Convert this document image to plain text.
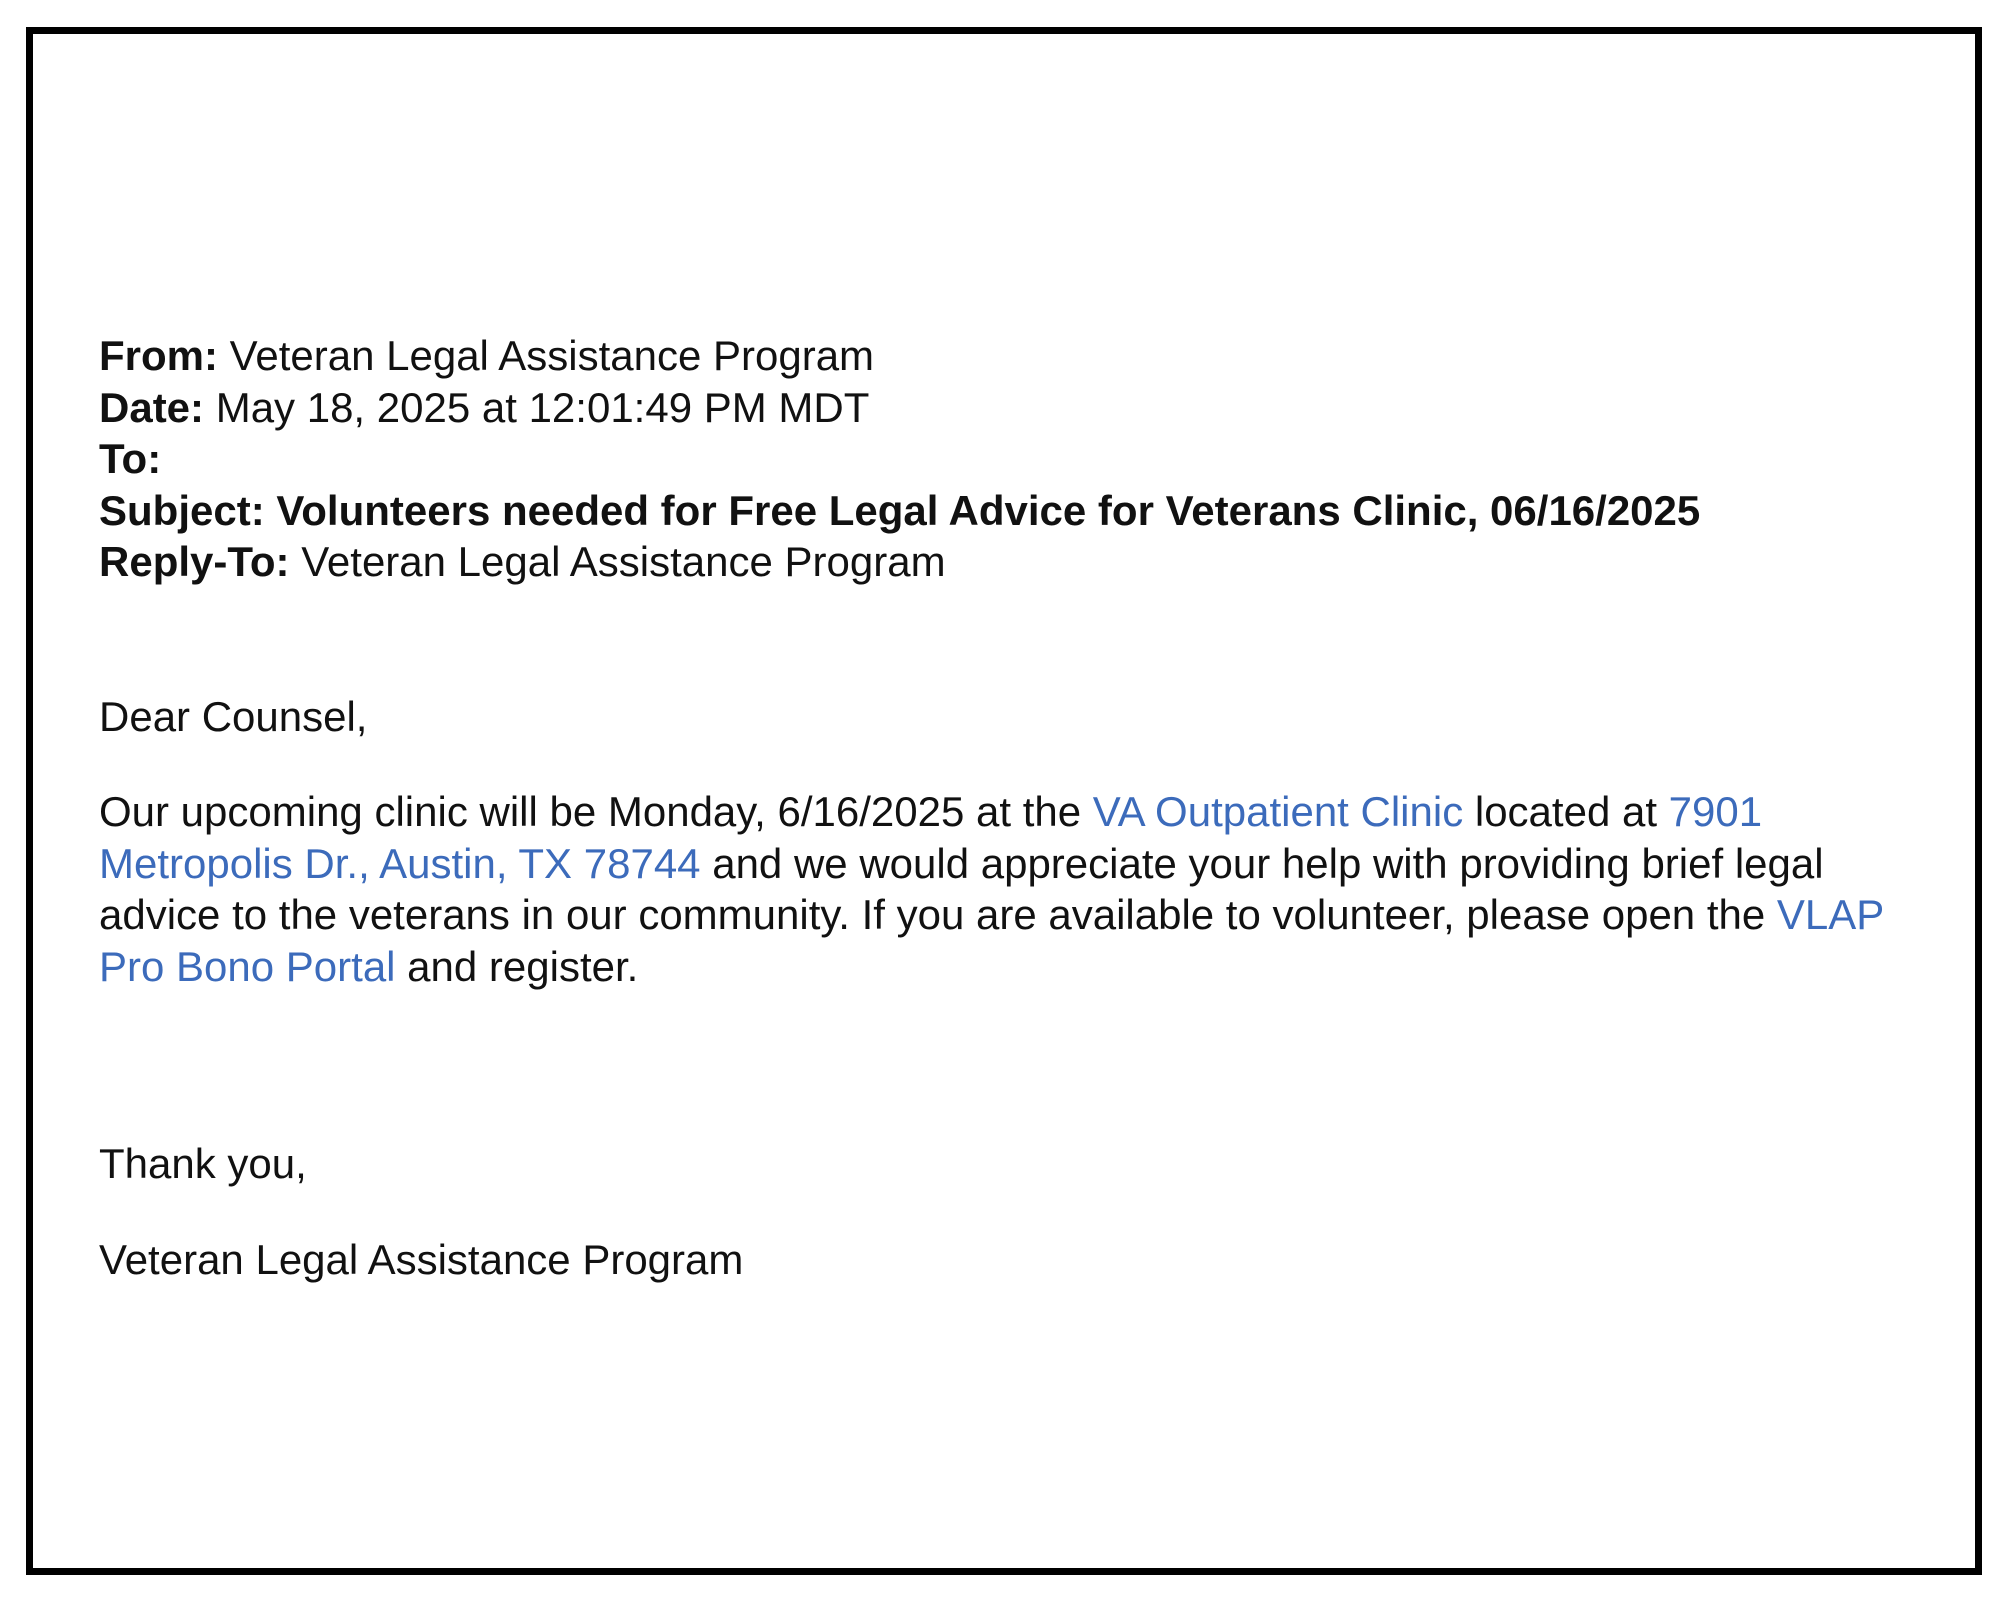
From: Veteran Legal Assistance Program
Date: May 18, 2025 at 12:01:49 PM MDT
To:
Subject: Volunteers needed for Free Legal Advice for Veterans Clinic, 06/16/2025
Reply-To: Veteran Legal Assistance Program
Dear Counsel,
Our upcoming clinic will be Monday, 6/16/2025 at the VA Outpatient Clinic located at 7901 Metropolis Dr., Austin, TX 78744 and we would appreciate your help with providing brief legal advice to the veterans in our community. If you are available to volunteer, please open the VLAP Pro Bono Portal and register.
Thank you,
Veteran Legal Assistance Program
